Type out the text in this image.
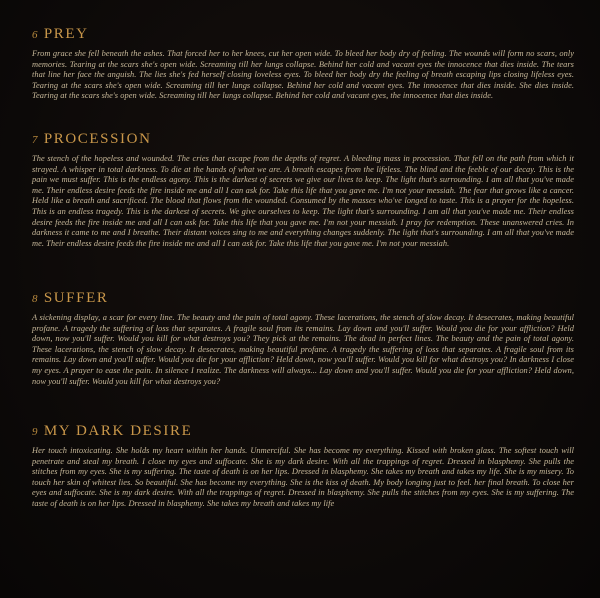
6 PREY

From grace she fell beneath the ashes. That forced her to her knees, cut her open wide. To bleed her body dry of feeling. The wounds will form no scars, only memories. Tearing at the scars she's open wide. Screaming till her lungs collapse. Behind her cold and vacant eyes the innocence that dies inside. The tears that line her face the anguish. The lies she's fed herself closing loveless eyes. To bleed her body dry the feeling of breath escaping lips closing lifeless eyes. Tearing at the scars she's open wide. Screaming till her lungs collapse. Behind her cold and vacant eyes. The innocence that dies inside. She dies inside. Tearing at the scars she's open wide. Screaming till her lungs collapse. Behind her cold and vacant eyes, the innocence that dies inside.

7 PROCESSION

The stench of the hopeless and wounded. The cries that escape from the depths of regret. A bleeding mass in procession. That fell on the path from which it strayed. A whisper in total darkness. To die at the hands of what we are. A breath escapes from the lifeless. The blind and the feeble of our decay. This is the pain we must suffer. This is the endless agony. This is the darkest of secrets we give our lives to keep. The light that's surrounding. I am all that you've made me. Their endless desire feeds the fire inside me and all I can ask for. Take this life that you gave me. I'm not your messiah. The fear that grows like a cancer. Held like a breath and sacrificed. The blood that flows from the wounded. Consumed by the masses who've longed to taste. This is a prayer for the hopeless. This is an endless tragedy. This is the darkest of secrets. We give ourselves to keep. The light that's surrounding. I am all that you've made me. Their endless desire feeds the fire inside me and all I can ask for. Take this life that you gave me. I'm not your messiah. I pray for redemption. These unanswered cries. In darkness it came to me and I breathe. Their distant voices sing to me and everything changes suddenly. The light that's surrounding. I am all that you've made me. Their endless desire feeds the fire inside me and all I can ask for. Take this life that you gave me. I'm not your messiah.

8 SUFFER

A sickening display, a scar for every line. The beauty and the pain of total agony. These lacerations, the stench of slow decay. It desecrates, making beautiful profane. A tragedy the suffering of loss that separates. A fragile soul from its remains. Lay down and you'll suffer. Would you die for your affliction? Held down, now you'll suffer. Would you kill for what destroys you? They pick at the remains. The dead in perfect lines. The beauty and the pain of total agony. These lacerations, the stench of slow decay. It desecrates, making beautiful profane. A tragedy the suffering of loss that separates. A fragile soul from its remains. Lay down and you'll suffer. Would you die for your affliction? Held down, now you'll suffer. Would you kill for what destroys you? In darkness I close my eyes. A prayer to ease the pain. In silence I realize. The darkness will always... Lay down and you'll suffer. Would you die for your affliction? Held down, now you'll suffer. Would you kill for what destroys you?

9 MY DARK DESIRE

Her touch intoxicating. She holds my heart within her hands. Unmerciful. She has become my everything. Kissed with broken glass. The softest touch will penetrate and steal my breath. I close my eyes and suffocate. She is my dark desire. With all the trappings of regret. Dressed in blasphemy. She pulls the stitches from my eyes. She is my suffering. The taste of death is on her lips. Dressed in blasphemy. She takes my breath and takes my life. She is my misery. To touch her skin of whitest lies. So beautiful. She has become my everything. She is the kiss of death. My body longing just to feel. her final breath. To close her eyes and suffocate. She is my dark desire. With all the trappings of regret. Dressed in blasphemy. She pulls the stitches from my eyes. She is my suffering. The taste of death is on her lips. Dressed in blasphemy. She takes my breath and takes my life
